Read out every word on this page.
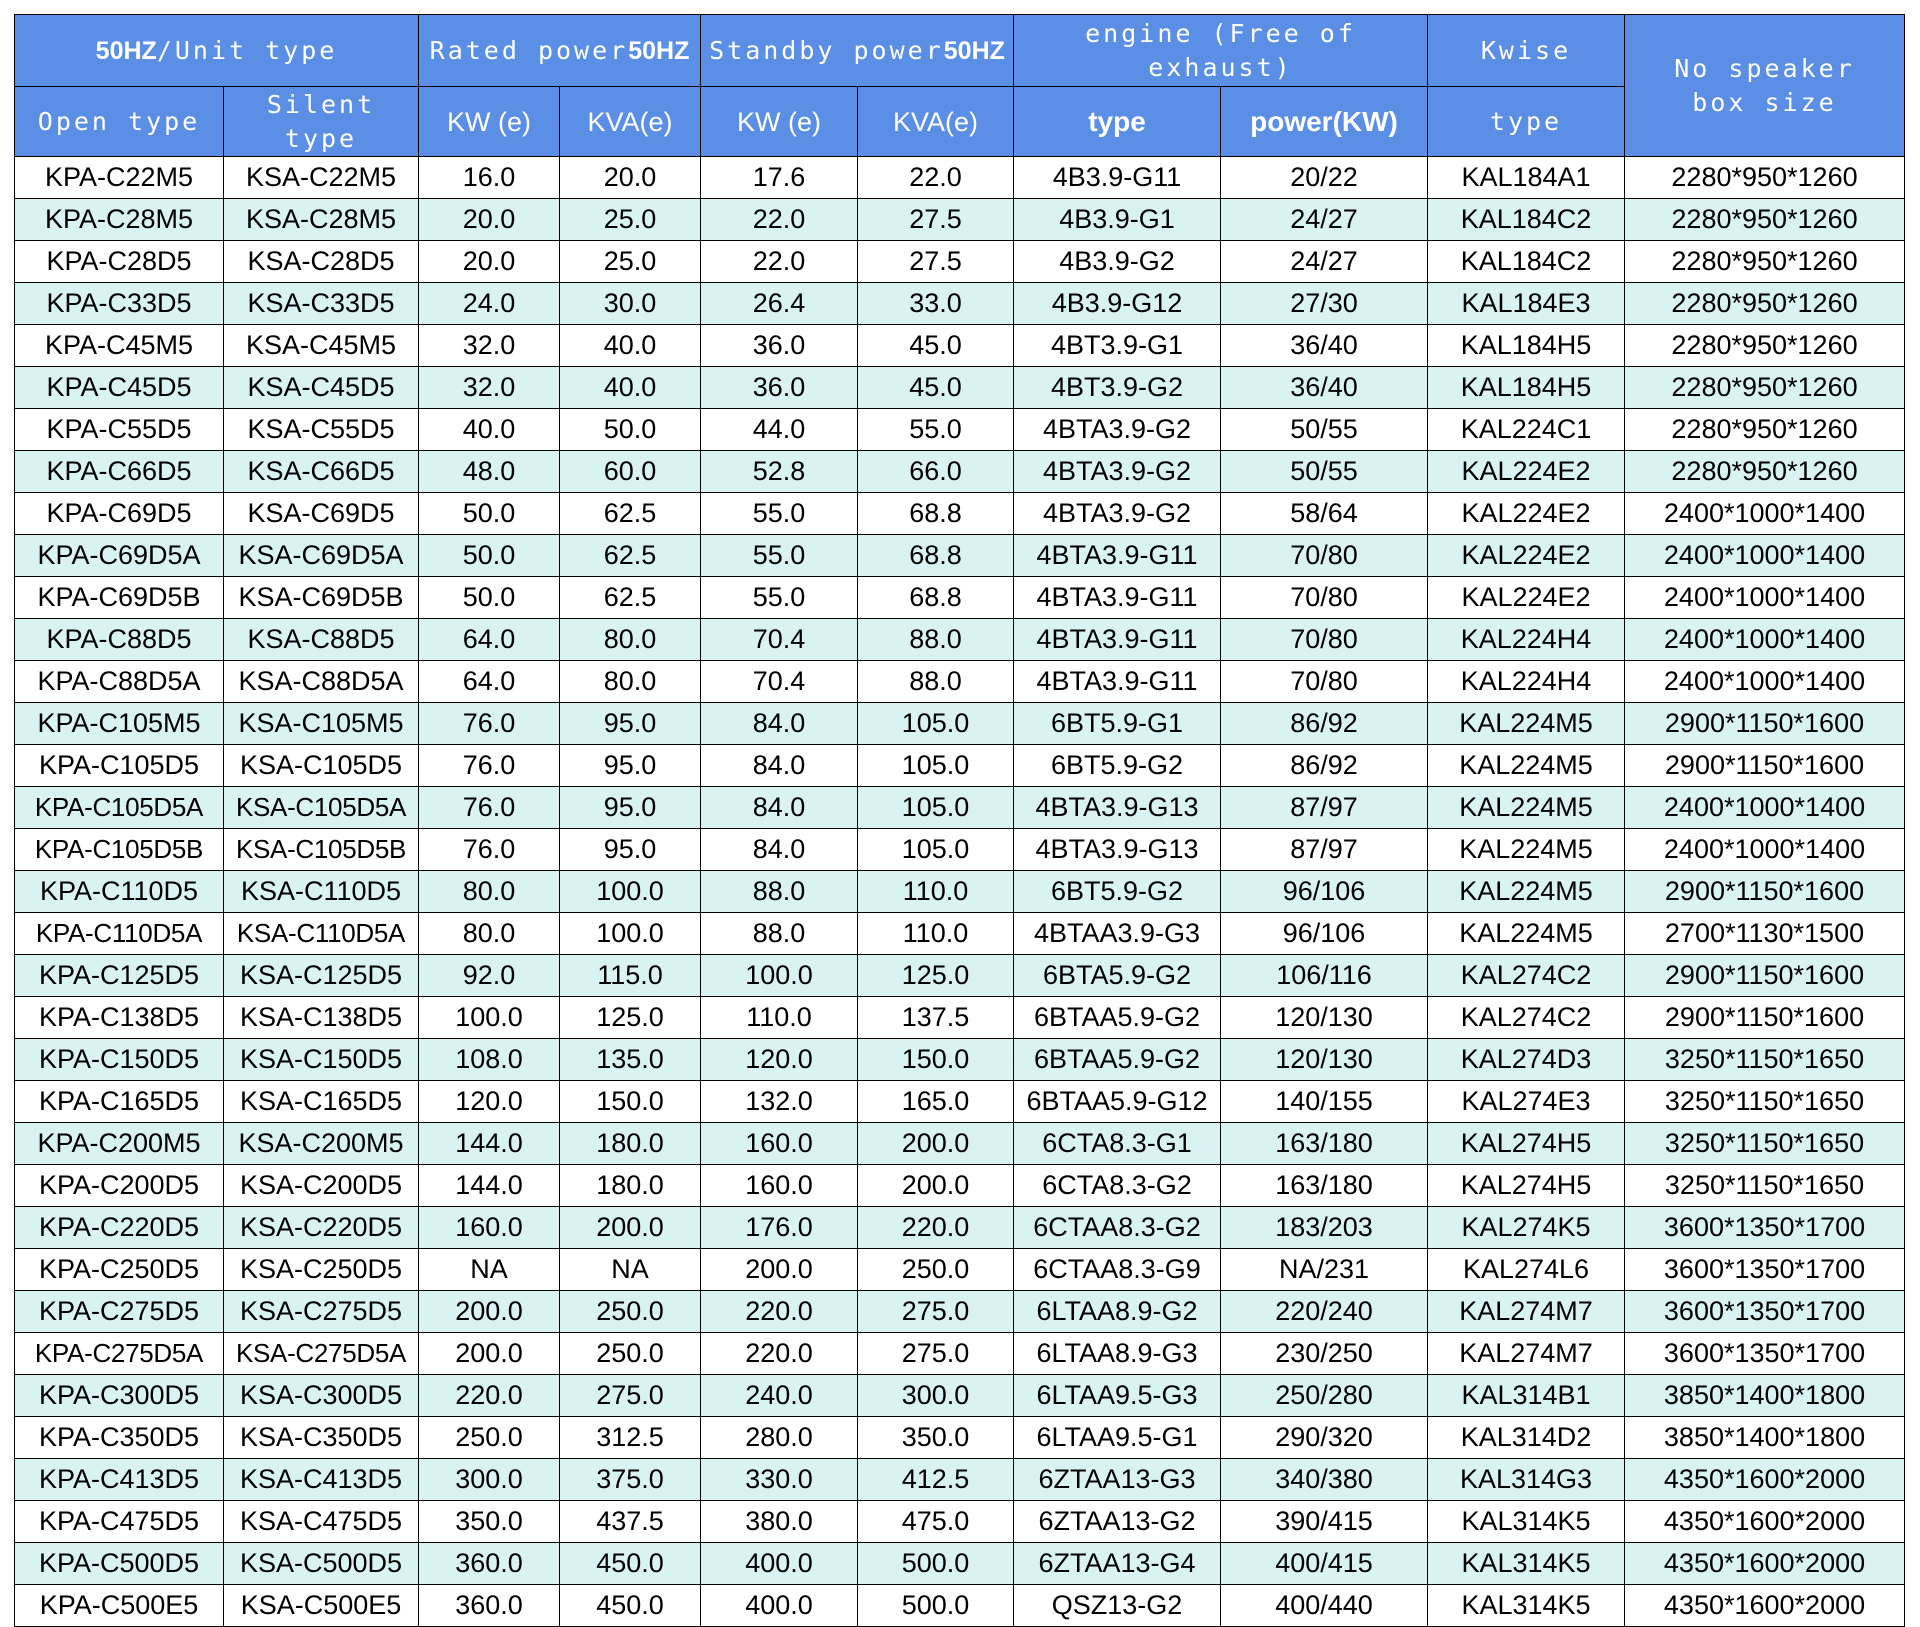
50HZ/Unit type		Rated power50HZ		Standby power50HZ		engine (Free of exhaust)		Kwise	No speaker box size
Open type	Silent type	KW (e)	KVA(e)	KW (e)	KVA(e)	type	power(KW)	type	
KPA-C22M5	KSA-C22M5	16.0	20.0	17.6	22.0	4B3.9-G11	20/22	KAL184A1	2280*950*1260
KPA-C28M5	KSA-C28M5	20.0	25.0	22.0	27.5	4B3.9-G1	24/27	KAL184C2	2280*950*1260
KPA-C28D5	KSA-C28D5	20.0	25.0	22.0	27.5	4B3.9-G2	24/27	KAL184C2	2280*950*1260
KPA-C33D5	KSA-C33D5	24.0	30.0	26.4	33.0	4B3.9-G12	27/30	KAL184E3	2280*950*1260
KPA-C45M5	KSA-C45M5	32.0	40.0	36.0	45.0	4BT3.9-G1	36/40	KAL184H5	2280*950*1260
KPA-C45D5	KSA-C45D5	32.0	40.0	36.0	45.0	4BT3.9-G2	36/40	KAL184H5	2280*950*1260
KPA-C55D5	KSA-C55D5	40.0	50.0	44.0	55.0	4BTA3.9-G2	50/55	KAL224C1	2280*950*1260
KPA-C66D5	KSA-C66D5	48.0	60.0	52.8	66.0	4BTA3.9-G2	50/55	KAL224E2	2280*950*1260
KPA-C69D5	KSA-C69D5	50.0	62.5	55.0	68.8	4BTA3.9-G2	58/64	KAL224E2	2400*1000*1400
KPA-C69D5A	KSA-C69D5A	50.0	62.5	55.0	68.8	4BTA3.9-G11	70/80	KAL224E2	2400*1000*1400
KPA-C69D5B	KSA-C69D5B	50.0	62.5	55.0	68.8	4BTA3.9-G11	70/80	KAL224E2	2400*1000*1400
KPA-C88D5	KSA-C88D5	64.0	80.0	70.4	88.0	4BTA3.9-G11	70/80	KAL224H4	2400*1000*1400
KPA-C88D5A	KSA-C88D5A	64.0	80.0	70.4	88.0	4BTA3.9-G11	70/80	KAL224H4	2400*1000*1400
KPA-C105M5	KSA-C105M5	76.0	95.0	84.0	105.0	6BT5.9-G1	86/92	KAL224M5	2900*1150*1600
KPA-C105D5	KSA-C105D5	76.0	95.0	84.0	105.0	6BT5.9-G2	86/92	KAL224M5	2900*1150*1600
KPA-C105D5A	KSA-C105D5A	76.0	95.0	84.0	105.0	4BTA3.9-G13	87/97	KAL224M5	2400*1000*1400
KPA-C105D5B	KSA-C105D5B	76.0	95.0	84.0	105.0	4BTA3.9-G13	87/97	KAL224M5	2400*1000*1400
KPA-C110D5	KSA-C110D5	80.0	100.0	88.0	110.0	6BT5.9-G2	96/106	KAL224M5	2900*1150*1600
KPA-C110D5A	KSA-C110D5A	80.0	100.0	88.0	110.0	4BTAA3.9-G3	96/106	KAL224M5	2700*1130*1500
KPA-C125D5	KSA-C125D5	92.0	115.0	100.0	125.0	6BTA5.9-G2	106/116	KAL274C2	2900*1150*1600
KPA-C138D5	KSA-C138D5	100.0	125.0	110.0	137.5	6BTAA5.9-G2	120/130	KAL274C2	2900*1150*1600
KPA-C150D5	KSA-C150D5	108.0	135.0	120.0	150.0	6BTAA5.9-G2	120/130	KAL274D3	3250*1150*1650
KPA-C165D5	KSA-C165D5	120.0	150.0	132.0	165.0	6BTAA5.9-G12	140/155	KAL274E3	3250*1150*1650
KPA-C200M5	KSA-C200M5	144.0	180.0	160.0	200.0	6CTA8.3-G1	163/180	KAL274H5	3250*1150*1650
KPA-C200D5	KSA-C200D5	144.0	180.0	160.0	200.0	6CTA8.3-G2	163/180	KAL274H5	3250*1150*1650
KPA-C220D5	KSA-C220D5	160.0	200.0	176.0	220.0	6CTAA8.3-G2	183/203	KAL274K5	3600*1350*1700
KPA-C250D5	KSA-C250D5	NA	NA	200.0	250.0	6CTAA8.3-G9	NA/231	KAL274L6	3600*1350*1700
KPA-C275D5	KSA-C275D5	200.0	250.0	220.0	275.0	6LTAA8.9-G2	220/240	KAL274M7	3600*1350*1700
KPA-C275D5A	KSA-C275D5A	200.0	250.0	220.0	275.0	6LTAA8.9-G3	230/250	KAL274M7	3600*1350*1700
KPA-C300D5	KSA-C300D5	220.0	275.0	240.0	300.0	6LTAA9.5-G3	250/280	KAL314B1	3850*1400*1800
KPA-C350D5	KSA-C350D5	250.0	312.5	280.0	350.0	6LTAA9.5-G1	290/320	KAL314D2	3850*1400*1800
KPA-C413D5	KSA-C413D5	300.0	375.0	330.0	412.5	6ZTAA13-G3	340/380	KAL314G3	4350*1600*2000
KPA-C475D5	KSA-C475D5	350.0	437.5	380.0	475.0	6ZTAA13-G2	390/415	KAL314K5	4350*1600*2000
KPA-C500D5	KSA-C500D5	360.0	450.0	400.0	500.0	6ZTAA13-G4	400/415	KAL314K5	4350*1600*2000
KPA-C500E5	KSA-C500E5	360.0	450.0	400.0	500.0	QSZ13-G2	400/440	KAL314K5	4350*1600*2000
